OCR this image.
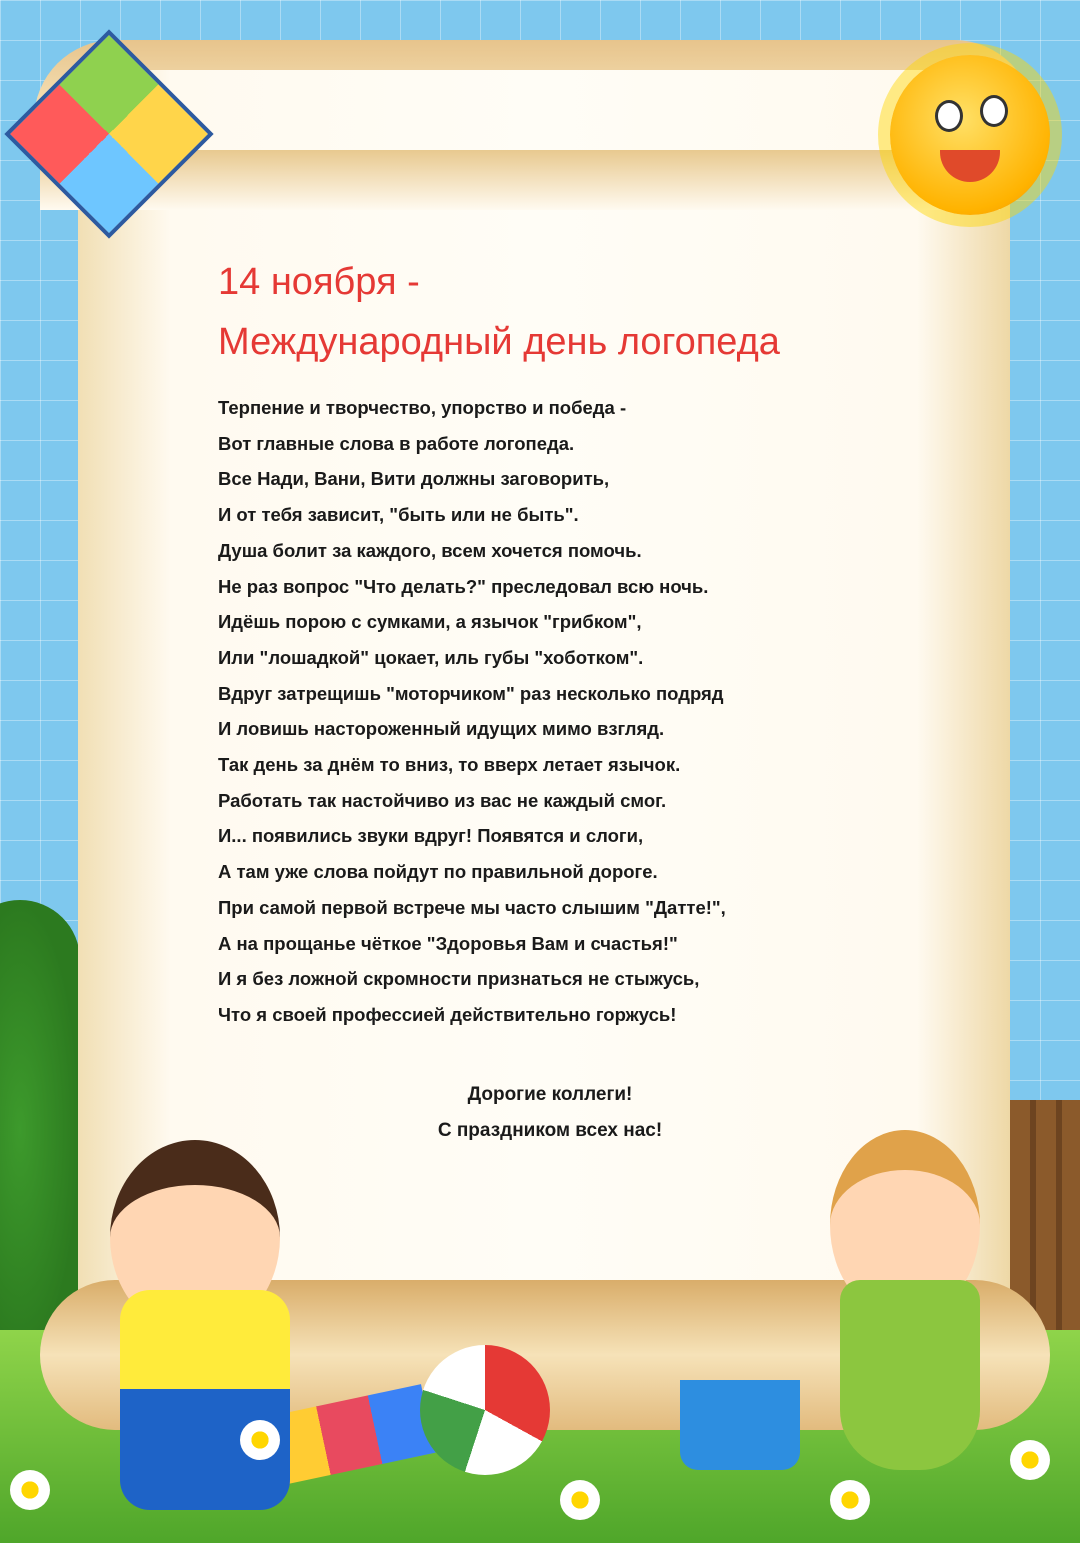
14 ноября -
Международный день логопеда
Терпение и творчество, упорство и победа -
Вот главные слова в работе логопеда.
Все Нади, Вани, Вити должны заговорить,
И от тебя зависит, "быть или не быть".
Душа болит за каждого, всем хочется помочь.
Не раз вопрос "Что делать?" преследовал всю ночь.
Идёшь порою с сумками, а язычок "грибком",
Или "лошадкой" цокает, иль губы "хоботком".
Вдруг затрещишь "моторчиком" раз несколько подряд
И ловишь настороженный идущих мимо взгляд.
Так день за днём то вниз, то вверх летает язычок.
Работать так настойчиво из вас не каждый смог.
И... появились звуки вдруг! Появятся и слоги,
А там уже слова пойдут по правильной дороге.
При самой первой встрече мы часто слышим "Датте!",
А на прощанье чёткое "Здоровья Вам и счастья!"
И я без ложной скромности признаться не стыжусь,
Что я своей профессией действительно горжусь!
Дорогие коллеги!
С праздником всех нас!
